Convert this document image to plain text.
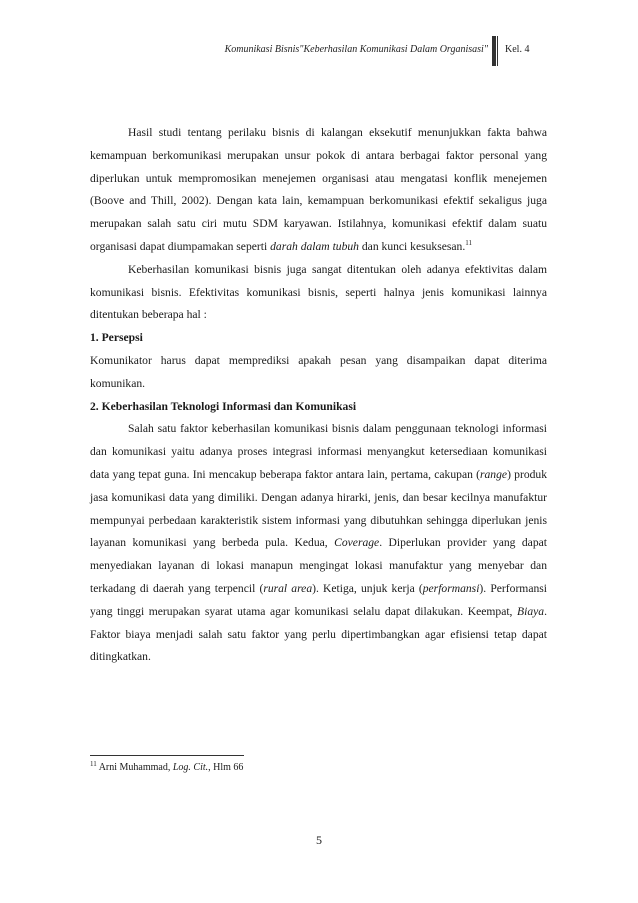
Komunikasi Bisnis"Keberhasilan Komunikasi Dalam Organisasi" Kel. 4

Hasil studi tentang perilaku bisnis di kalangan eksekutif menunjukkan fakta bahwa kemampuan berkomunikasi merupakan unsur pokok di antara berbagai faktor personal yang diperlukan untuk mempromosikan menejemen organisasi atau mengatasi konflik menejemen (Boove and Thill, 2002). Dengan kata lain, kemampuan berkomunikasi efektif sekaligus juga merupakan salah satu ciri mutu SDM karyawan. Istilahnya, komunikasi efektif dalam suatu organisasi dapat diumpamakan seperti darah dalam tubuh dan kunci kesuksesan.$^{11}$

Keberhasilan komunikasi bisnis juga sangat ditentukan oleh adanya efektivitas dalam komunikasi bisnis. Efektivitas komunikasi bisnis, seperti halnya jenis komunikasi lainnya ditentukan beberapa hal :

1. Persepsi

Komunikator harus dapat memprediksi apakah pesan yang disampaikan dapat diterima komunikan.

2. Keberhasilan Teknologi Informasi dan Komunikasi

Salah satu faktor keberhasilan komunikasi bisnis dalam penggunaan teknologi informasi dan komunikasi yaitu adanya proses integrasi informasi menyangkut ketersediaan komunikasi data yang tepat guna. Ini mencakup beberapa faktor antara lain, pertama, cakupan (range) produk jasa komunikasi data yang dimiliki. Dengan adanya hirarki, jenis, dan besar kecilnya manufaktur mempunyai perbedaan karakteristik sistem informasi yang dibutuhkan sehingga diperlukan jenis layanan komunikasi yang berbeda pula. Kedua, Coverage. Diperlukan provider yang dapat menyediakan layanan di lokasi manapun mengingat lokasi manufaktur yang menyebar dan terkadang di daerah yang terpencil (rural area). Ketiga, unjuk kerja (performansi). Performansi yang tinggi merupakan syarat utama agar komunikasi selalu dapat dilakukan. Keempat, Biaya. Faktor biaya menjadi salah satu faktor yang perlu dipertimbangkan agar efisiensi tetap dapat ditingkatkan.

$^{11}$ Arni Muhammad, Log. Cit., Hlm 66
5
